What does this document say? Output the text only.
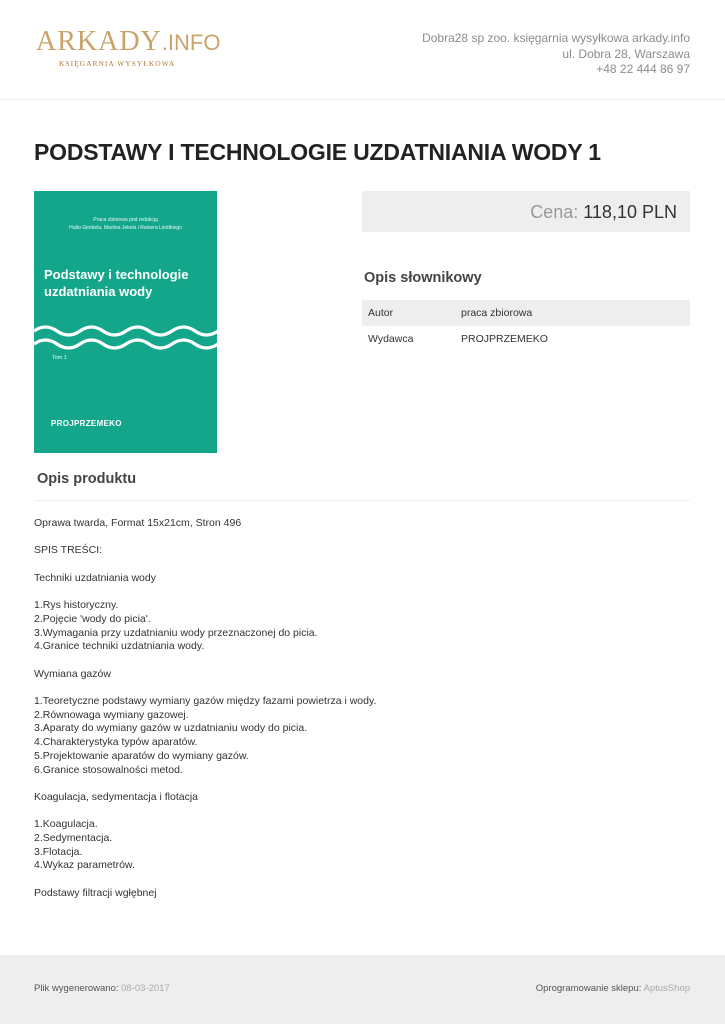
ARKADY.INFO
KSIĘGARNIA WYSYŁKOWA
Dobra28 sp zoo. księgarnia wysyłkowa arkady.info
ul. Dobra 28, Warszawa
+48 22 444 86 97
PODSTAWY I TECHNOLOGIE UZDATNIANIA WODY 1
Praca zbiorowa pod redakcją
Hutto Gimbela, Martina Jekela i Rainera Liedtkiego
Podstawy i technologie
uzdatniania wody
Tom 1
PROJPRZEMEKO
Cena: 118,10 PLN
Opis słownikowy
Autor	praca zbiorowa
Wydawca	PROJPRZEMEKO
Opis produktu
Oprawa twarda, Format 15x21cm, Stron 496
SPIS TREŚCI:
Techniki uzdatniania wody
1.Rys historyczny.
2.Pojęcie 'wody do picia'.
3.Wymagania przy uzdatnianiu wody przeznaczonej do picia.
4.Granice techniki uzdatniania wody.
Wymiana gazów
1.Teoretyczne podstawy wymiany gazów między fazami powietrza i wody.
2.Równowaga wymiany gazowej.
3.Aparaty do wymiany gazów w uzdatnianiu wody do picia.
4.Charakterystyka typów aparatów.
5.Projektowanie aparatów do wymiany gazów.
6.Granice stosowalności metod.
Koagulacja, sedymentacja i flotacja
1.Koagulacja.
2.Sedymentacja.
3.Flotacja.
4.Wykaz parametrów.
Podstawy filtracji wgłębnej
Plik wygenerowano: 08-03-2017	Oprogramowanie sklepu: AptusShop
